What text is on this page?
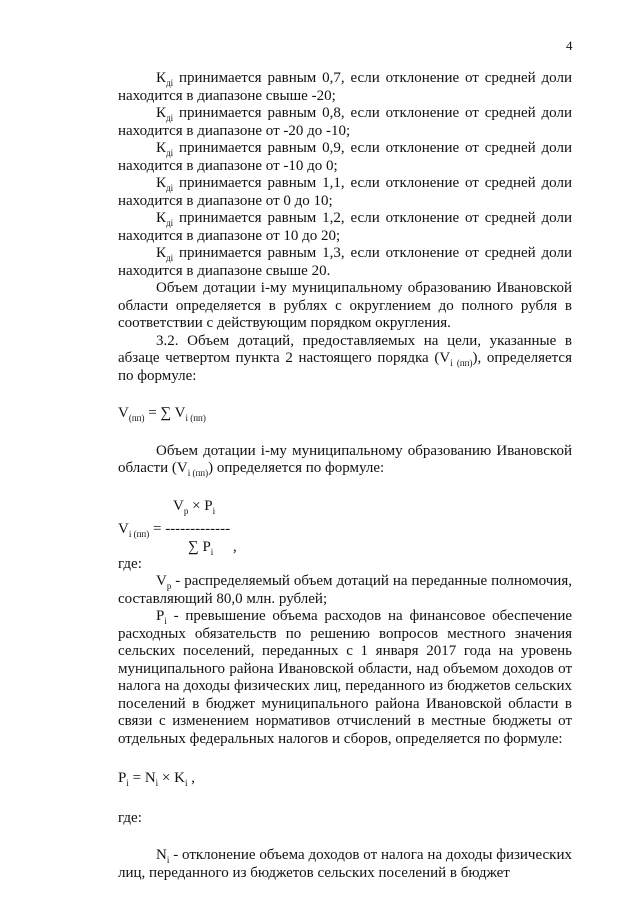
4

$К_{дi}$ принимается равным 0,7, если отклонение от средней доли

находится в диапазоне свыше -20;

$К_{дi}$ принимается равным 0,8, если отклонение от средней доли

находится в диапазоне от -20 до -10;

$К_{дi}$ принимается равным 0,9, если отклонение от средней доли

находится в диапазоне от -10 до 0;

$К_{дi}$ принимается равным 1,1, если отклонение от средней доли

находится в диапазоне от 0 до 10;

$К_{дi}$ принимается равным 1,2, если отклонение от средней доли

находится в диапазоне от 10 до 20;

$К_{дi}$ принимается равным 1,3, если отклонение от средней доли

находится в диапазоне свыше 20.

Объем дотации i-му муниципальному образованию Ивановской области определяется в рублях с округлением до полного рубля в соответствии с действующим порядком округления.

3.2. Объем дотаций, предоставляемых на цели, указанные в абзаце четвертом пункта 2 настоящего порядка $(V_{i (пп)})$, определяется по формуле:

$V_{(пп)}$ = ∑ $V_{i (пп)}$

Объем дотации i-му муниципальному образованию Ивановской области $(V_{i (пп)})$ определяется по формуле:

$V_р \times P_i$
$V_{i (пп)}$ = -------------
∑ $P_i$ ,

где:

$V_р$ - распределяемый объем дотаций на переданные полномочия, составляющий 80,0 млн. рублей;

$P_i$ - превышение объема расходов на финансовое обеспечение расходных обязательств по решению вопросов местного значения сельских поселений, переданных с 1 января 2017 года на уровень муниципального района Ивановской области, над объемом доходов от налога на доходы физических лиц, переданного из бюджетов сельских поселений в бюджет муниципального района Ивановской области в связи с изменением нормативов отчислений в местные бюджеты от отдельных федеральных налогов и сборов, определяется по формуле:

$P_i = N_i \times K_i$ ,

где:

$N_i$ - отклонение объема доходов от налога на доходы физических лиц, переданного из бюджетов сельских поселений в бюджет
